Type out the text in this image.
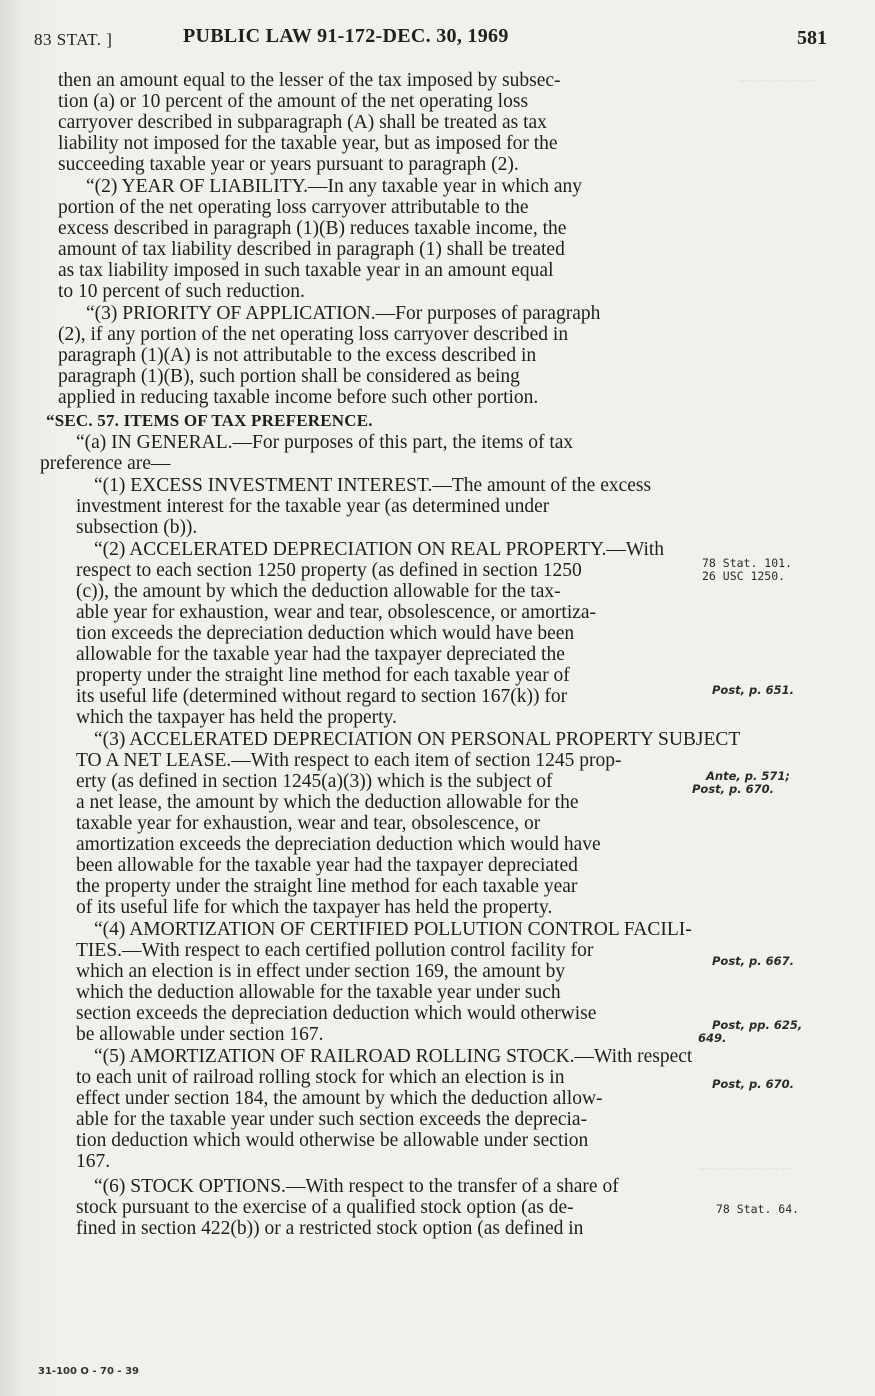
83 STAT. ]	PUBLIC LAW 91-172-DEC. 30, 1969	581
— — — — —
— — — — — —
then an amount equal to the lesser of the tax imposed by subsec-
tion (a) or 10 percent of the amount of the net operating loss
carryover described in subparagraph (A) shall be treated as tax
liability not imposed for the taxable year, but as imposed for the
succeeding taxable year or years pursuant to paragraph (2).
“(2) YEAR OF LIABILITY.—In any taxable year in which any
portion of the net operating loss carryover attributable to the
excess described in paragraph (1)(B) reduces taxable income, the
amount of tax liability described in paragraph (1) shall be treated
as tax liability imposed in such taxable year in an amount equal
to 10 percent of such reduction.
“(3) PRIORITY OF APPLICATION.—For purposes of paragraph
(2), if any portion of the net operating loss carryover described in
paragraph (1)(A) is not attributable to the excess described in
paragraph (1)(B), such portion shall be considered as being
applied in reducing taxable income before such other portion.
“SEC. 57. ITEMS OF TAX PREFERENCE.
“(a) IN GENERAL.—For purposes of this part, the items of tax
preference are—
“(1) EXCESS INVESTMENT INTEREST.—The amount of the excess
investment interest for the taxable year (as determined under
subsection (b)).
“(2) ACCELERATED DEPRECIATION ON REAL PROPERTY.—With
respect to each section 1250 property (as defined in section 1250
(c)), the amount by which the deduction allowable for the tax-
able year for exhaustion, wear and tear, obsolescence, or amortiza-
tion exceeds the depreciation deduction which would have been
allowable for the taxable year had the taxpayer depreciated the
property under the straight line method for each taxable year of
its useful life (determined without regard to section 167(k)) for
which the taxpayer has held the property.
“(3) ACCELERATED DEPRECIATION ON PERSONAL PROPERTY SUBJECT
TO A NET LEASE.—With respect to each item of section 1245 prop-
erty (as defined in section 1245(a)(3)) which is the subject of
a net lease, the amount by which the deduction allowable for the
taxable year for exhaustion, wear and tear, obsolescence, or
amortization exceeds the depreciation deduction which would have
been allowable for the taxable year had the taxpayer depreciated
the property under the straight line method for each taxable year
of its useful life for which the taxpayer has held the property.
“(4) AMORTIZATION OF CERTIFIED POLLUTION CONTROL FACILI-
TIES.—With respect to each certified pollution control facility for
which an election is in effect under section 169, the amount by
which the deduction allowable for the taxable year under such
section exceeds the depreciation deduction which would otherwise
be allowable under section 167.
“(5) AMORTIZATION OF RAILROAD ROLLING STOCK.—With respect
to each unit of railroad rolling stock for which an election is in
effect under section 184, the amount by which the deduction allow-
able for the taxable year under such section exceeds the deprecia-
tion deduction which would otherwise be allowable under section
167.
“(6) STOCK OPTIONS.—With respect to the transfer of a share of
stock pursuant to the exercise of a qualified stock option (as de-
fined in section 422(b)) or a restricted stock option (as defined in
78 Stat. 101.
26 USC 1250.
Post, p. 651.
Ante, p. 571;
Post, p. 670.
Post, p. 667.
Post, pp. 625,
649.
Post, p. 670.
78 Stat. 64.
31-100 O - 70 - 39
